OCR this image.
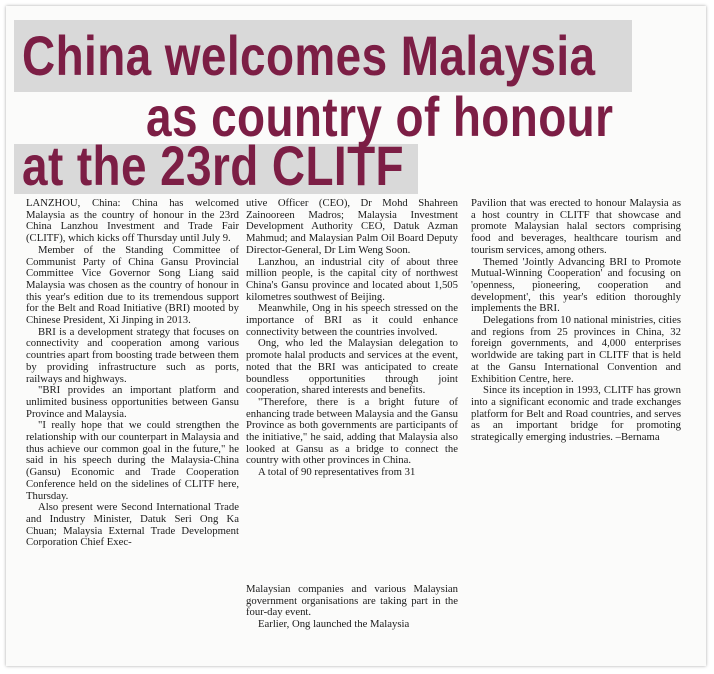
China welcomes Malaysia
as country of honour
at the 23rd CLITF

LANZHOU, China: China has welcomed Malaysia as the country of honour in the 23rd China Lanzhou Investment and Trade Fair (CLITF), which kicks off Thursday until July 9.

Member of the Standing Committee of Communist Party of China Gansu Provincial Committee Vice Governor Song Liang said Malaysia was chosen as the country of honour in this year's edition due to its tremendous support for the Belt and Road Initiative (BRI) mooted by Chinese President, Xi Jinping in 2013.

BRI is a development strategy that focuses on connectivity and cooperation among various countries apart from boosting trade between them by providing infrastructure such as ports, railways and highways.

"BRI provides an important platform and unlimited business opportunities between Gansu Province and Malaysia.

"I really hope that we could strengthen the relationship with our counterpart in Malaysia and thus achieve our common goal in the future," he said in his speech during the Malaysia-China (Gansu) Economic and Trade Cooperation Conference held on the sidelines of CLITF here, Thursday.

Also present were Second International Trade and Industry Minister, Datuk Seri Ong Ka Chuan; Malaysia External Trade Development Corporation Chief Exec-

utive Officer (CEO), Dr Mohd Shahreen Zainooreen Madros; Malaysia Investment Development Authority CEO, Datuk Azman Mahmud; and Malaysian Palm Oil Board Deputy Director-General, Dr Lim Weng Soon.

Lanzhou, an industrial city of about three million people, is the capital city of northwest China's Gansu province and located about 1,505 kilometres southwest of Beijing.

Meanwhile, Ong in his speech stressed on the importance of BRI as it could enhance connectivity between the countries involved.

Ong, who led the Malaysian delegation to promote halal products and services at the event, noted that the BRI was anticipated to create boundless opportunities through joint cooperation, shared interests and benefits.

"Therefore, there is a bright future of enhancing trade between Malaysia and the Gansu Province as both governments are participants of the initiative," he said, adding that Malaysia also looked at Gansu as a bridge to connect the country with other provinces in China.

A total of 90 representatives from 31

Malaysian companies and various Malaysian government organisations are taking part in the four-day event.

Earlier, Ong launched the Malaysia

Pavilion that was erected to honour Malaysia as a host country in CLITF that showcase and promote Malaysian halal sectors comprising food and beverages, healthcare tourism and tourism services, among others.

Themed 'Jointly Advancing BRI to Promote Mutual-Winning Cooperation' and focusing on 'openness, pioneering, cooperation and development', this year's edition thoroughly implements the BRI.

Delegations from 10 national ministries, cities and regions from 25 provinces in China, 32 foreign governments, and 4,000 enterprises worldwide are taking part in CLITF that is held at the Gansu International Convention and Exhibition Centre, here.

Since its inception in 1993, CLITF has grown into a significant economic and trade exchanges platform for Belt and Road countries, and serves as an important bridge for promoting strategically emerging industries. –Bernama
